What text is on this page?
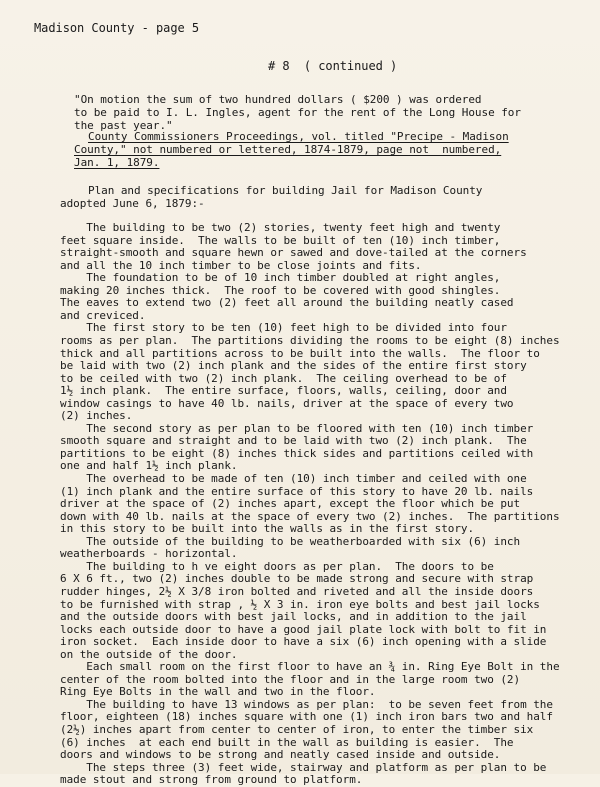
Madison County - page 5
# 8  ( continued )
"On motion the sum of two hundred dollars ( $200 ) was ordered
to be paid to I. L. Ingles, agent for the rent of the Long House for
the past year."
County Commissioners Proceedings, vol. titled "Precipe - Madison
County," not numbered or lettered, 1874-1879, page not  numbered,
Jan. 1, 1879.
Plan and specifications for building Jail for Madison County
adopted June 6, 1879:-
The building to be two (2) stories, twenty feet high and twenty
feet square inside.  The walls to be built of ten (10) inch timber,
straight-smooth and square hewn or sawed and dove-tailed at the corners
and all the 10 inch timber to be close joints and fits.
The foundation to be of 10 inch timber doubled at right angles,
making 20 inches thick.  The roof to be covered with good shingles.
The eaves to extend two (2) feet all around the building neatly cased
and creviced.
The first story to be ten (10) feet high to be divided into four
rooms as per plan.  The partitions dividing the rooms to be eight (8) inches
thick and all partitions across to be built into the walls.  The floor to
be laid with two (2) inch plank and the sides of the entire first story
to be ceiled with two (2) inch plank.  The ceiling overhead to be of
1½ inch plank.  The entire surface, floors, walls, ceiling, door and
window casings to have 40 lb. nails, driver at the space of every two
(2) inches.
The second story as per plan to be floored with ten (10) inch timber
smooth square and straight and to be laid with two (2) inch plank.  The
partitions to be eight (8) inches thick sides and partitions ceiled with
one and half 1½ inch plank.
The overhead to be made of ten (10) inch timber and ceiled with one
(1) inch plank and the entire surface of this story to have 20 lb. nails
driver at the space of (2) inches apart, except the floor which be put
down with 40 lb. nails at the space of every two (2) inches.  The partitions
in this story to be built into the walls as in the first story.
The outside of the building to be weatherboarded with six (6) inch
weatherboards - horizontal.
The building to h ve eight doors as per plan.  The doors to be
6 X 6 ft., two (2) inches double to be made strong and secure with strap
rudder hinges, 2½ X 3/8 iron bolted and riveted and all the inside doors
to be furnished with strap , ½ X 3 in. iron eye bolts and best jail locks
and the outside doors with best jail locks, and in addition to the jail
locks each outside door to have a good jail plate lock with bolt to fit in
iron socket.  Each inside door to have a six (6) inch opening with a slide
on the outside of the door.
Each small room on the first floor to have an ¾ in. Ring Eye Bolt in the
center of the room bolted into the floor and in the large room two (2)
Ring Eye Bolts in the wall and two in the floor.
The building to have 13 windows as per plan:  to be seven feet from the
floor, eighteen (18) inches square with one (1) inch iron bars two and half
(2½) inches apart from center to center of iron, to enter the timber six
(6) inches  at each end built in the wall as building is easier.  The
doors and windows to be strong and neatly cased inside and outside.
The steps three (3) feet wide, stairway and platform as per plan to be
made stout and strong from ground to platform.
